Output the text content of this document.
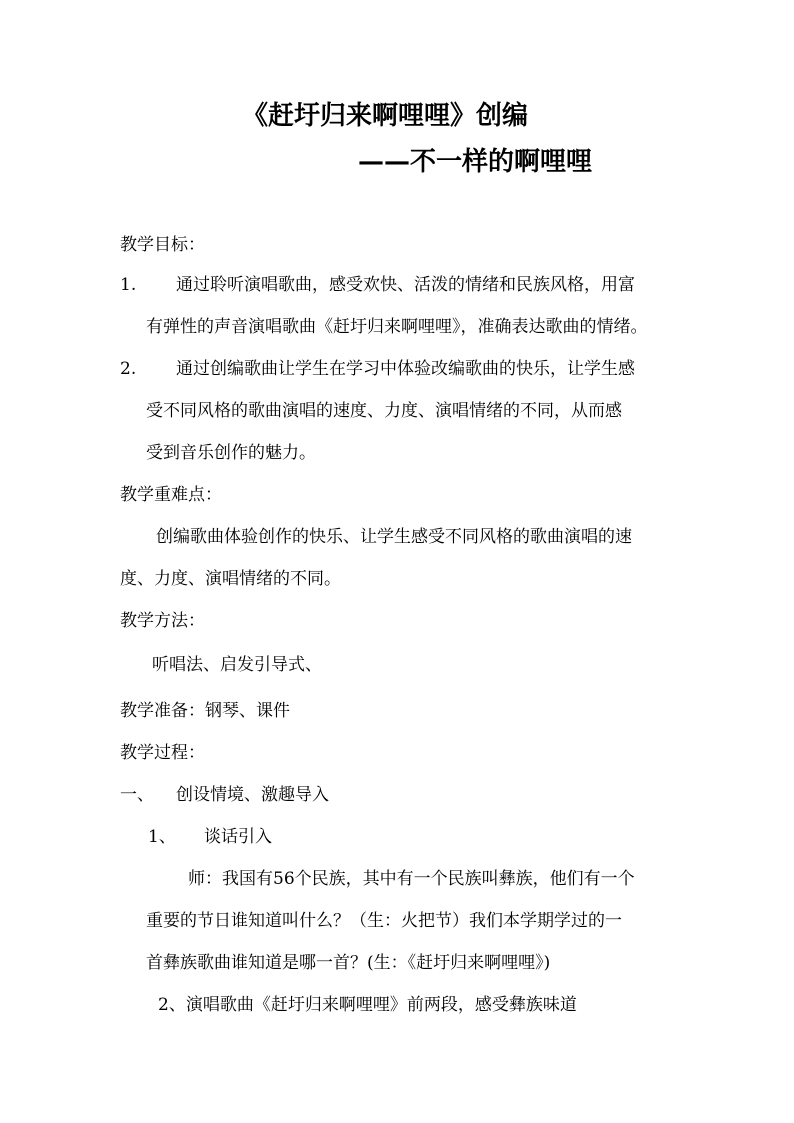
《赶圩归来啊哩哩》创编
——不一样的啊哩哩
教学目标：
1. 通过聆听演唱歌曲，感受欢快、活泼的情绪和民族风格，用富
有弹性的声音演唱歌曲《赶圩归来啊哩哩》，准确表达歌曲的情绪。
2. 通过创编歌曲让学生在学习中体验改编歌曲的快乐，让学生感
受不同风格的歌曲演唱的速度、力度、演唱情绪的不同，从而感
受到音乐创作的魅力。
教学重难点：
创编歌曲体验创作的快乐、让学生感受不同风格的歌曲演唱的速
度、力度、演唱情绪的不同。
教学方法：
听唱法、启发引导式、
教学准备：钢琴、课件
教学过程：
一、 创设情境、激趣导入
1、 谈话引入
师：我国有56个民族，其中有一个民族叫彝族，他们有一个
重要的节日谁知道叫什么？（生：火把节）我们本学期学过的一
首彝族歌曲谁知道是哪一首？(生：《赶圩归来啊哩哩》)
2、演唱歌曲《赶圩归来啊哩哩》前两段，感受彝族味道
